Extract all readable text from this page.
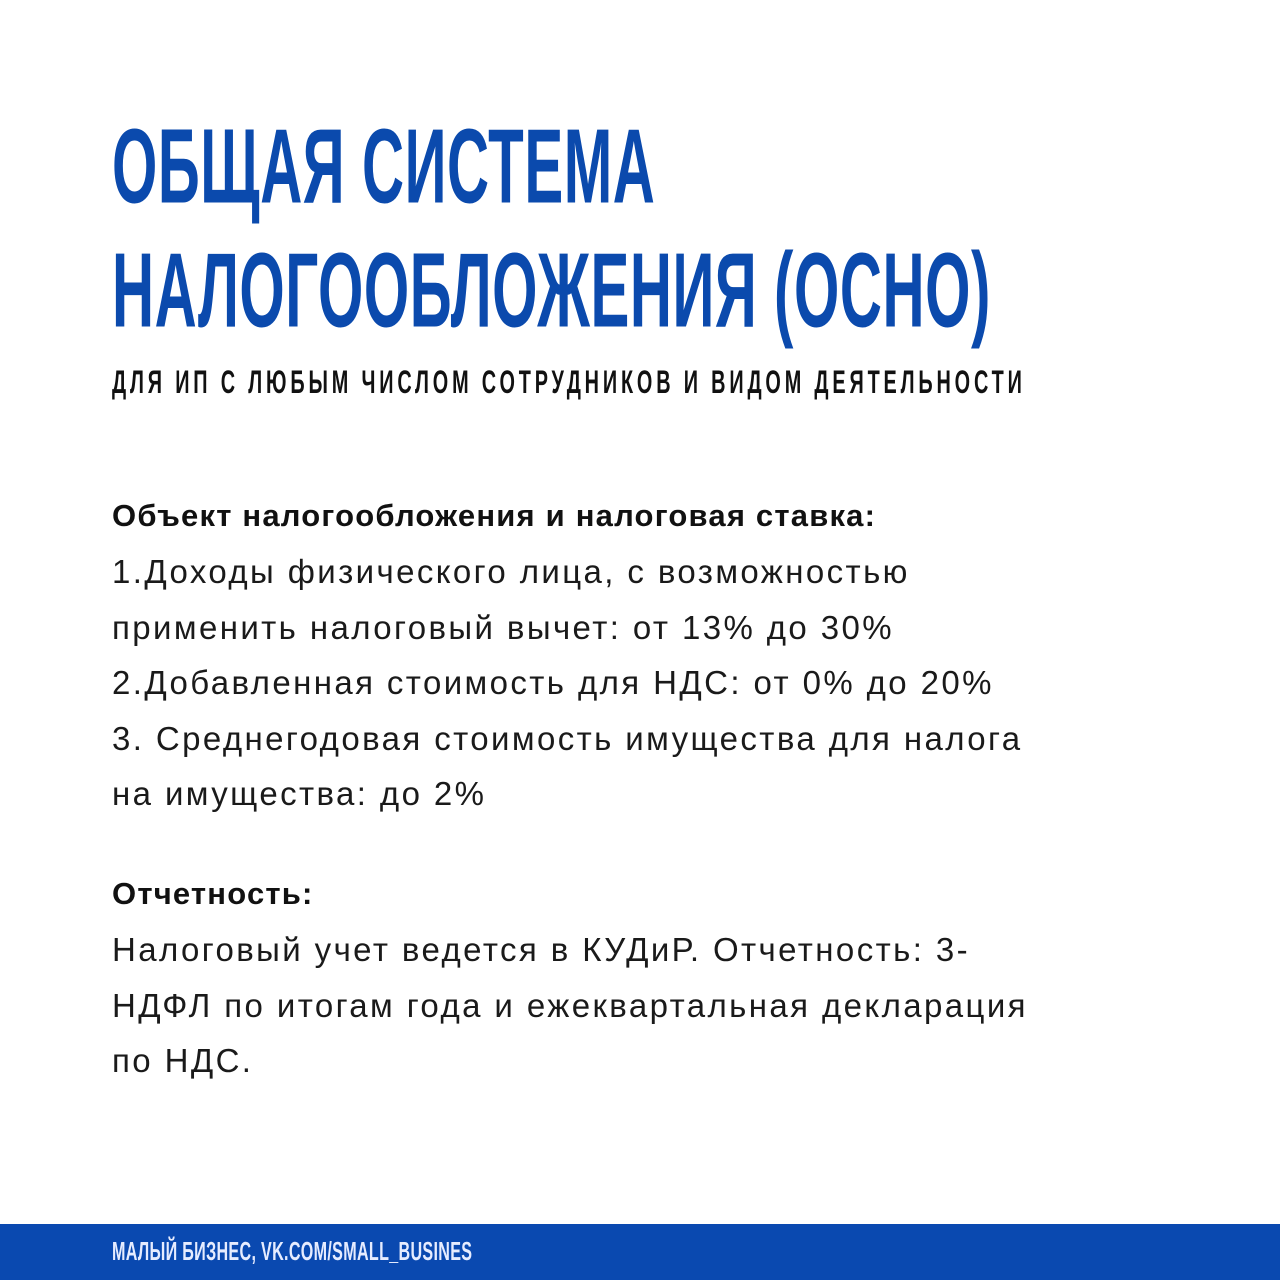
ОБЩАЯ СИСТЕМА
НАЛОГООБЛОЖЕНИЯ (ОСНО)
ДЛЯ ИП С ЛЮБЫМ ЧИСЛОМ СОТРУДНИКОВ И ВИДОМ ДЕЯТЕЛЬНОСТИ
Объект налогообложения и налоговая ставка:
1.Доходы физического лица, с возможностью
применить налоговый вычет: от 13% до 30%
2.Добавленная стоимость для НДС: от 0% до 20%
3. Среднегодовая стоимость имущества для налога
на имущества: до 2%
Отчетность:
Налоговый учет ведется в КУДиР. Отчетность: 3-
НДФЛ по итогам года и ежеквартальная декларация
по НДС.
МАЛЫЙ БИЗНЕС, VK.COM/SMALL_BUSINES
